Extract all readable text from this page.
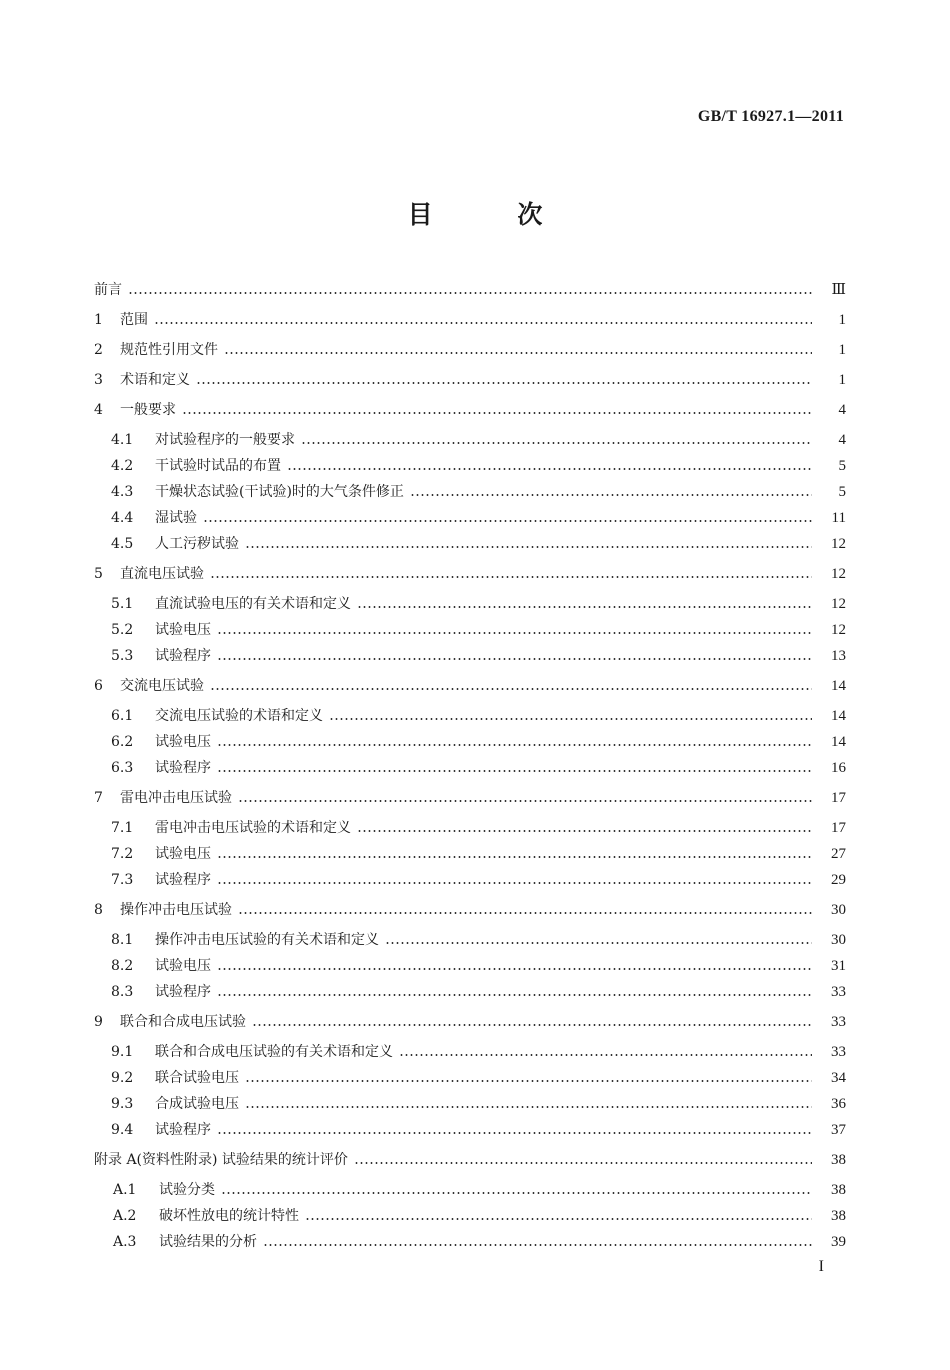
GB/T 16927.1—2011
目 次
前言	Ⅲ
1	范围	1
2	规范性引用文件	1
3	术语和定义	1
4	一般要求	4
4.1	对试验程序的一般要求	4
4.2	干试验时试品的布置	5
4.3	干燥状态试验(干试验)时的大气条件修正	5
4.4	湿试验	11
4.5	人工污秽试验	12
5	直流电压试验	12
5.1	直流试验电压的有关术语和定义	12
5.2	试验电压	12
5.3	试验程序	13
6	交流电压试验	14
6.1	交流电压试验的术语和定义	14
6.2	试验电压	14
6.3	试验程序	16
7	雷电冲击电压试验	17
7.1	雷电冲击电压试验的术语和定义	17
7.2	试验电压	27
7.3	试验程序	29
8	操作冲击电压试验	30
8.1	操作冲击电压试验的有关术语和定义	30
8.2	试验电压	31
8.3	试验程序	33
9	联合和合成电压试验	33
9.1	联合和合成电压试验的有关术语和定义	33
9.2	联合试验电压	34
9.3	合成试验电压	36
9.4	试验程序	37
附录 A(资料性附录) 试验结果的统计评价	38
A.1	试验分类	38
A.2	破坏性放电的统计特性	38
A.3	试验结果的分析	39
I
